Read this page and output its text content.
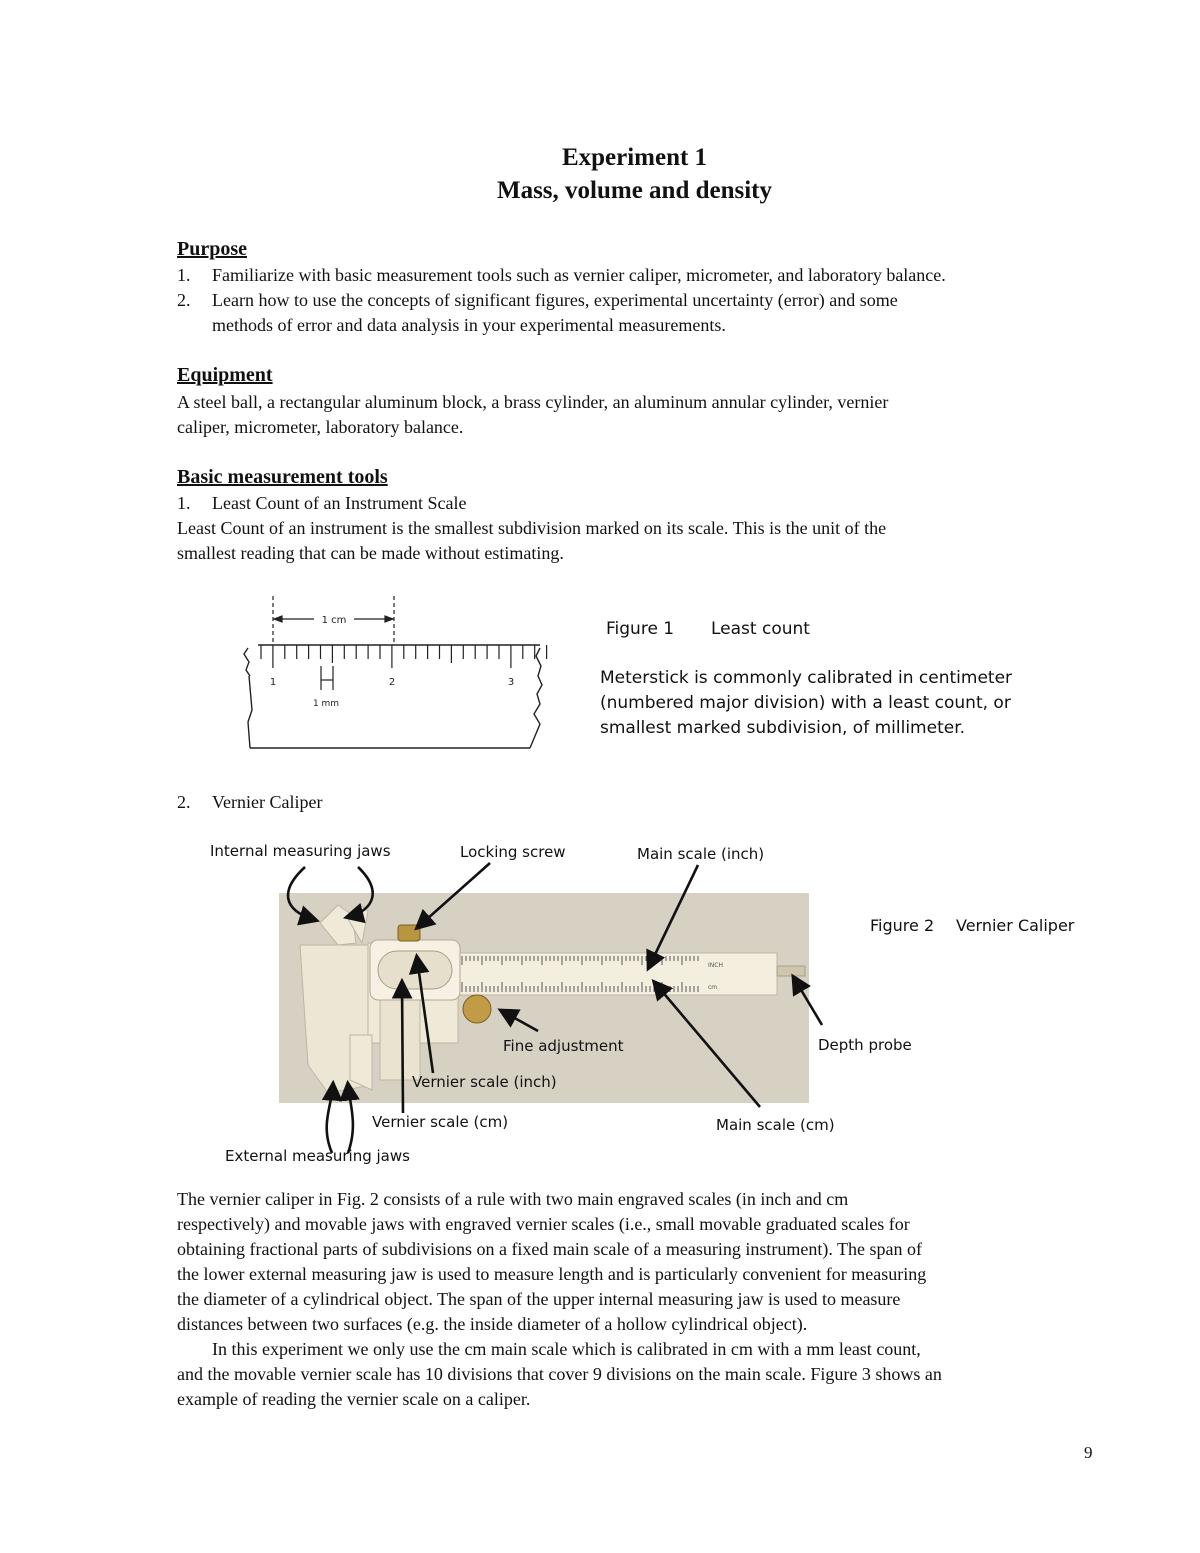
Experiment 1
Mass, volume and density
Purpose
1. Familiarize with basic measurement tools such as vernier caliper, micrometer, and laboratory balance.
2. Learn how to use the concepts of significant figures, experimental uncertainty (error) and some
methods of error and data analysis in your experimental measurements.
Equipment
A steel ball, a rectangular aluminum block, a brass cylinder, an aluminum annular cylinder, vernier
caliper, micrometer, laboratory balance.
Basic measurement tools
1. Least Count of an Instrument Scale
Least Count of an instrument is the smallest subdivision marked on its scale. This is the unit of the
smallest reading that can be made without estimating.
1 cm
1 mm
1	2	3
Figure 1 Least count
Meterstick is commonly calibrated in centimeter
(numbered major division) with a least count, or
smallest marked subdivision, of millimeter.
2. Vernier Caliper
INCH
cm
Internal measuring jaws	Locking screw	Main scale (inch)
Fine adjustment	Depth probe
Vernier scale (inch)
Vernier scale (cm)	Main scale (cm)
External measuring jaws
Figure 2 Vernier Caliper
The vernier caliper in Fig. 2 consists of a rule with two main engraved scales (in inch and cm
respectively) and movable jaws with engraved vernier scales (i.e., small movable graduated scales for
obtaining fractional parts of subdivisions on a fixed main scale of a measuring instrument). The span of
the lower external measuring jaw is used to measure length and is particularly convenient for measuring
the diameter of a cylindrical object. The span of the upper internal measuring jaw is used to measure
distances between two surfaces (e.g. the inside diameter of a hollow cylindrical object).
In this experiment we only use the cm main scale which is calibrated in cm with a mm least count,
and the movable vernier scale has 10 divisions that cover 9 divisions on the main scale. Figure 3 shows an
example of reading the vernier scale on a caliper.
9
